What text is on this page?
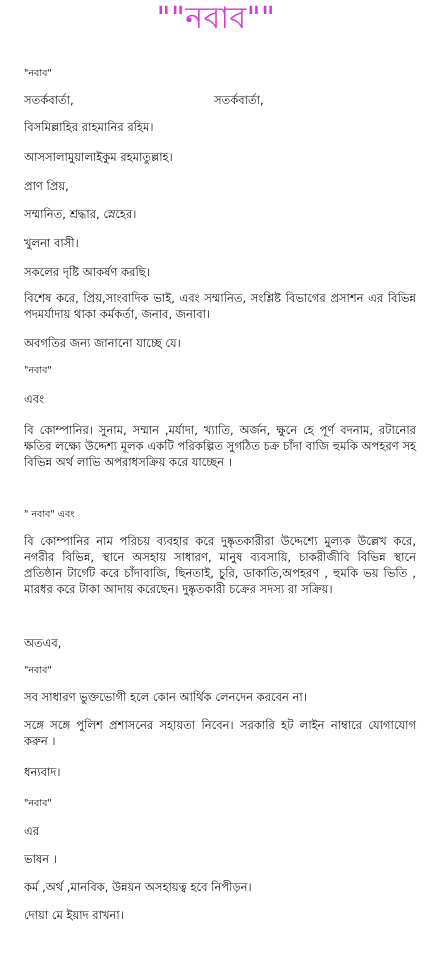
""নবাব""
"নবাব"
সতর্কবার্তা,	সতর্কবার্তা,
বিসমিল্লাহির রাহমানির রহিম।
আসসালামুয়ালাইকুম রহমাতুল্লাহ।
প্রাণ প্রিয়,
সম্মানিত, শ্রদ্ধার, স্নেহের।
খুলনা বাসী।
সকলের দৃষ্টি আকর্ষণ করছি।
বিশেষ করে, প্রিয়,সাংবাদিক ভাই, এবং সম্মানিত, সংশ্লিষ্ট বিভাগের প্রসাশন এর বিভিন্ন পদমর্যাদায় থাকা কর্মকর্তা, জনাব, জনাবা।
অবগতির জন্য জানানো যাচ্ছে যে।
"নবাব"
এবং
বি কোম্পানির। সুনাম, সম্মান ,মর্যাদা, খ্যাতি, অর্জন, ক্ষুনে হে পূর্ণ বদনাম, রটানোর ক্ষতির লক্ষ্যে উদ্দেশ্য মূলক একটি পরিকল্পিত সুগঠিত চক্র চাঁদা বাজি হুমকি অপহরণ সহ বিভিন্ন অর্থ লাভি অপরাধসক্রিয় করে যাচ্ছেন ।
" নবাব" এবং
বি কোম্পানির নাম পরিচয় ব্যবহার করে দুষ্কৃতকারীরা উদ্দেশ্যে মুল্যক উল্লেখ করে, নগরীর বিভিন্ন, স্থানে অসহায় সাধারণ, মানুষ ব্যবসায়ি, চাকরীজীবি বিভিন্ন স্থানে প্রতিষ্ঠান টার্গেট করে চাঁদাবাজি, ছিনতাই, চুরি, ডাকাতি,অপহরণ , হুমকি ভয় ভিতি , মারধর করে টাকা আদায় করেছেন। দুষ্কৃতকারী চক্রের সদস্য রা সক্রিয়।
অতএব,
"নবাব"
সব সাধারণ ভুক্তভোগী হলে কোন আর্থিক লেনদেন করবেন না।
সঙ্গে সঙ্গে পুলিশ প্রশাসনের সহায়তা নিবেন। সরকারি হট লাইন নাম্বারে যোগাযোগ করুন ।
ধন্যবাদ।
"নবাব"
এর
ভাষন ।
কর্ম ,অর্থ ,মানবিক, উন্নয়ন অসহায়ত্ব হবে নিপীড়ন।
দোয়া মে ইয়াদ রাখনা।
